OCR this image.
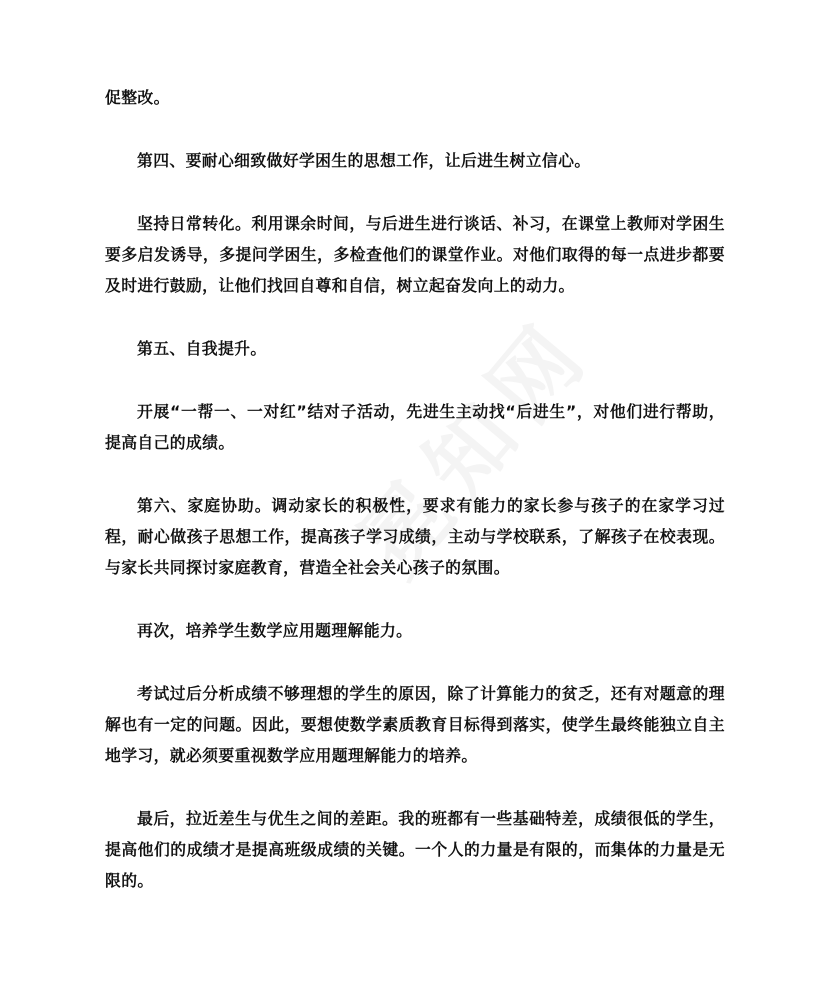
促整改。

第四、要耐心细致做好学困生的思想工作，让后进生树立信心。

坚持日常转化。利用课余时间，与后进生进行谈话、补习，在课堂上教师对学困生要多启发诱导，多提问学困生，多检查他们的课堂作业。对他们取得的每一点进步都要及时进行鼓励，让他们找回自尊和自信，树立起奋发向上的动力。

第五、自我提升。

开展“一帮一、一对红”结对子活动，先进生主动找“后进生”，对他们进行帮助，提高自己的成绩。

第六、家庭协助。调动家长的积极性，要求有能力的家长参与孩子的在家学习过程，耐心做孩子思想工作，提高孩子学习成绩，主动与学校联系，了解孩子在校表现。与家长共同探讨家庭教育，营造全社会关心孩子的氛围。

再次，培养学生数学应用题理解能力。

考试过后分析成绩不够理想的学生的原因，除了计算能力的贫乏，还有对题意的理解也有一定的问题。因此，要想使数学素质教育目标得到落实，使学生最终能独立自主地学习，就必须要重视数学应用题理解能力的培养。

最后，拉近差生与优生之间的差距。我的班都有一些基础特差，成绩很低的学生，提高他们的成绩才是提高班级成绩的关键。一个人的力量是有限的，而集体的力量是无限的。
